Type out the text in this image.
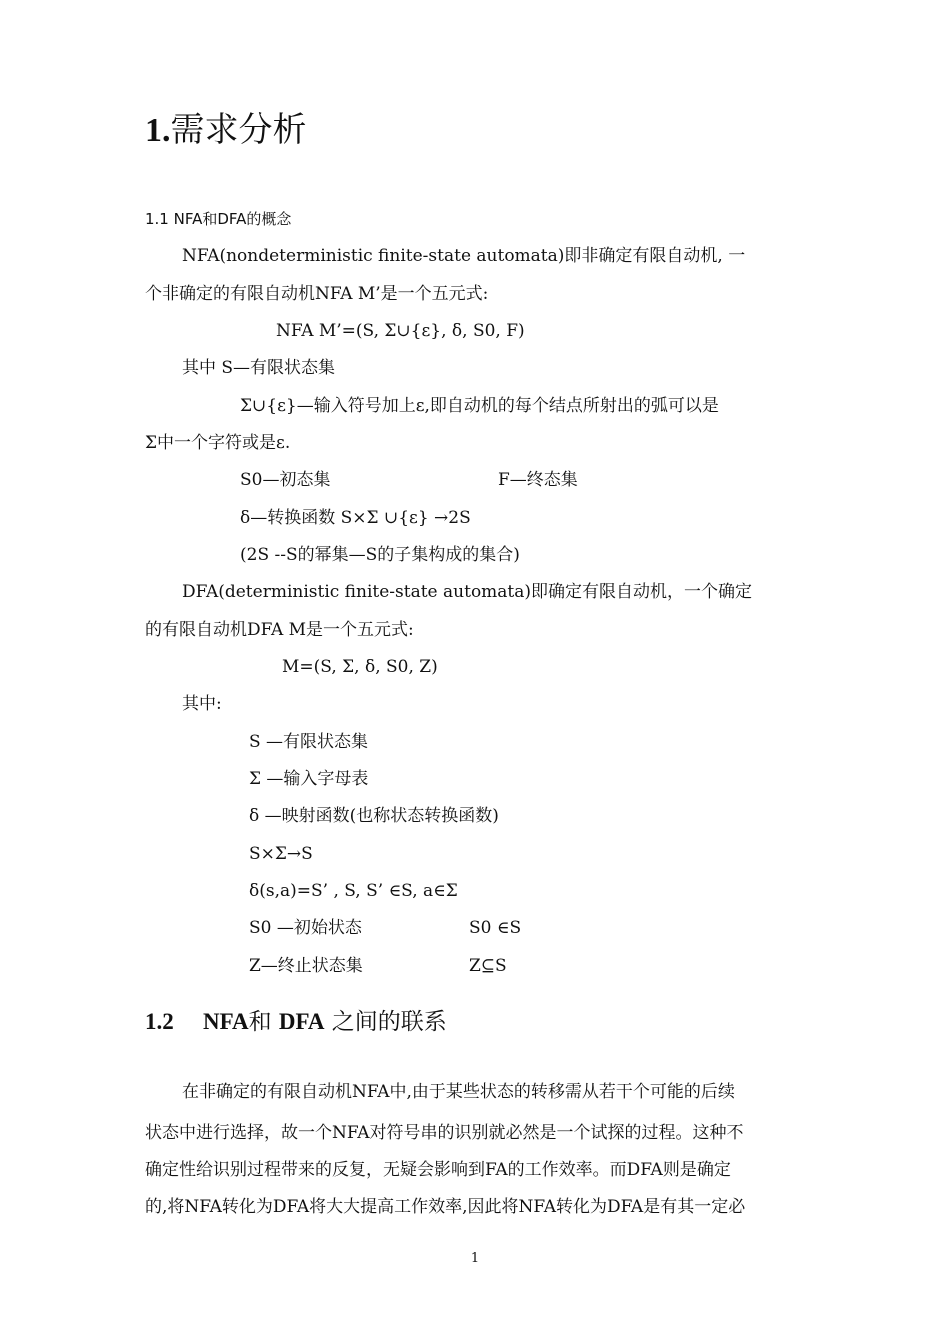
1.需求分析
1.1 NFA和DFA的概念
NFA(nondeterministic finite-state automata)即非确定有限自动机, 一
个非确定的有限自动机NFA M’是一个五元式:
NFA M’=(S, Σ∪{ε}, δ, S0, F)
其中 S—有限状态集
Σ∪{ε}—输入符号加上ε,即自动机的每个结点所射出的弧可以是
Σ中一个字符或是ε.
S0—初态集	F—终态集
δ—转换函数 S×Σ ∪{ε} →2S
(2S --S的幂集—S的子集构成的集合)
DFA(deterministic finite-state automata)即确定有限自动机，一个确定
的有限自动机DFA M是一个五元式:
M=(S, Σ, δ, S0, Z)
其中:
S —有限状态集
Σ —输入字母表
δ —映射函数(也称状态转换函数)
S×Σ→S
δ(s,a)=S’ , S, S’ ∈S, a∈Σ
S0 —初始状态	S0 ∈S
Z—终止状态集	Z⊆S
1.2 NFA和 DFA 之间的联系
在非确定的有限自动机NFA中,由于某些状态的转移需从若干个可能的后续
状态中进行选择，故一个NFA对符号串的识别就必然是一个试探的过程。这种不
确定性给识别过程带来的反复，无疑会影响到FA的工作效率。而DFA则是确定
的,将NFA转化为DFA将大大提高工作效率,因此将NFA转化为DFA是有其一定必
1
